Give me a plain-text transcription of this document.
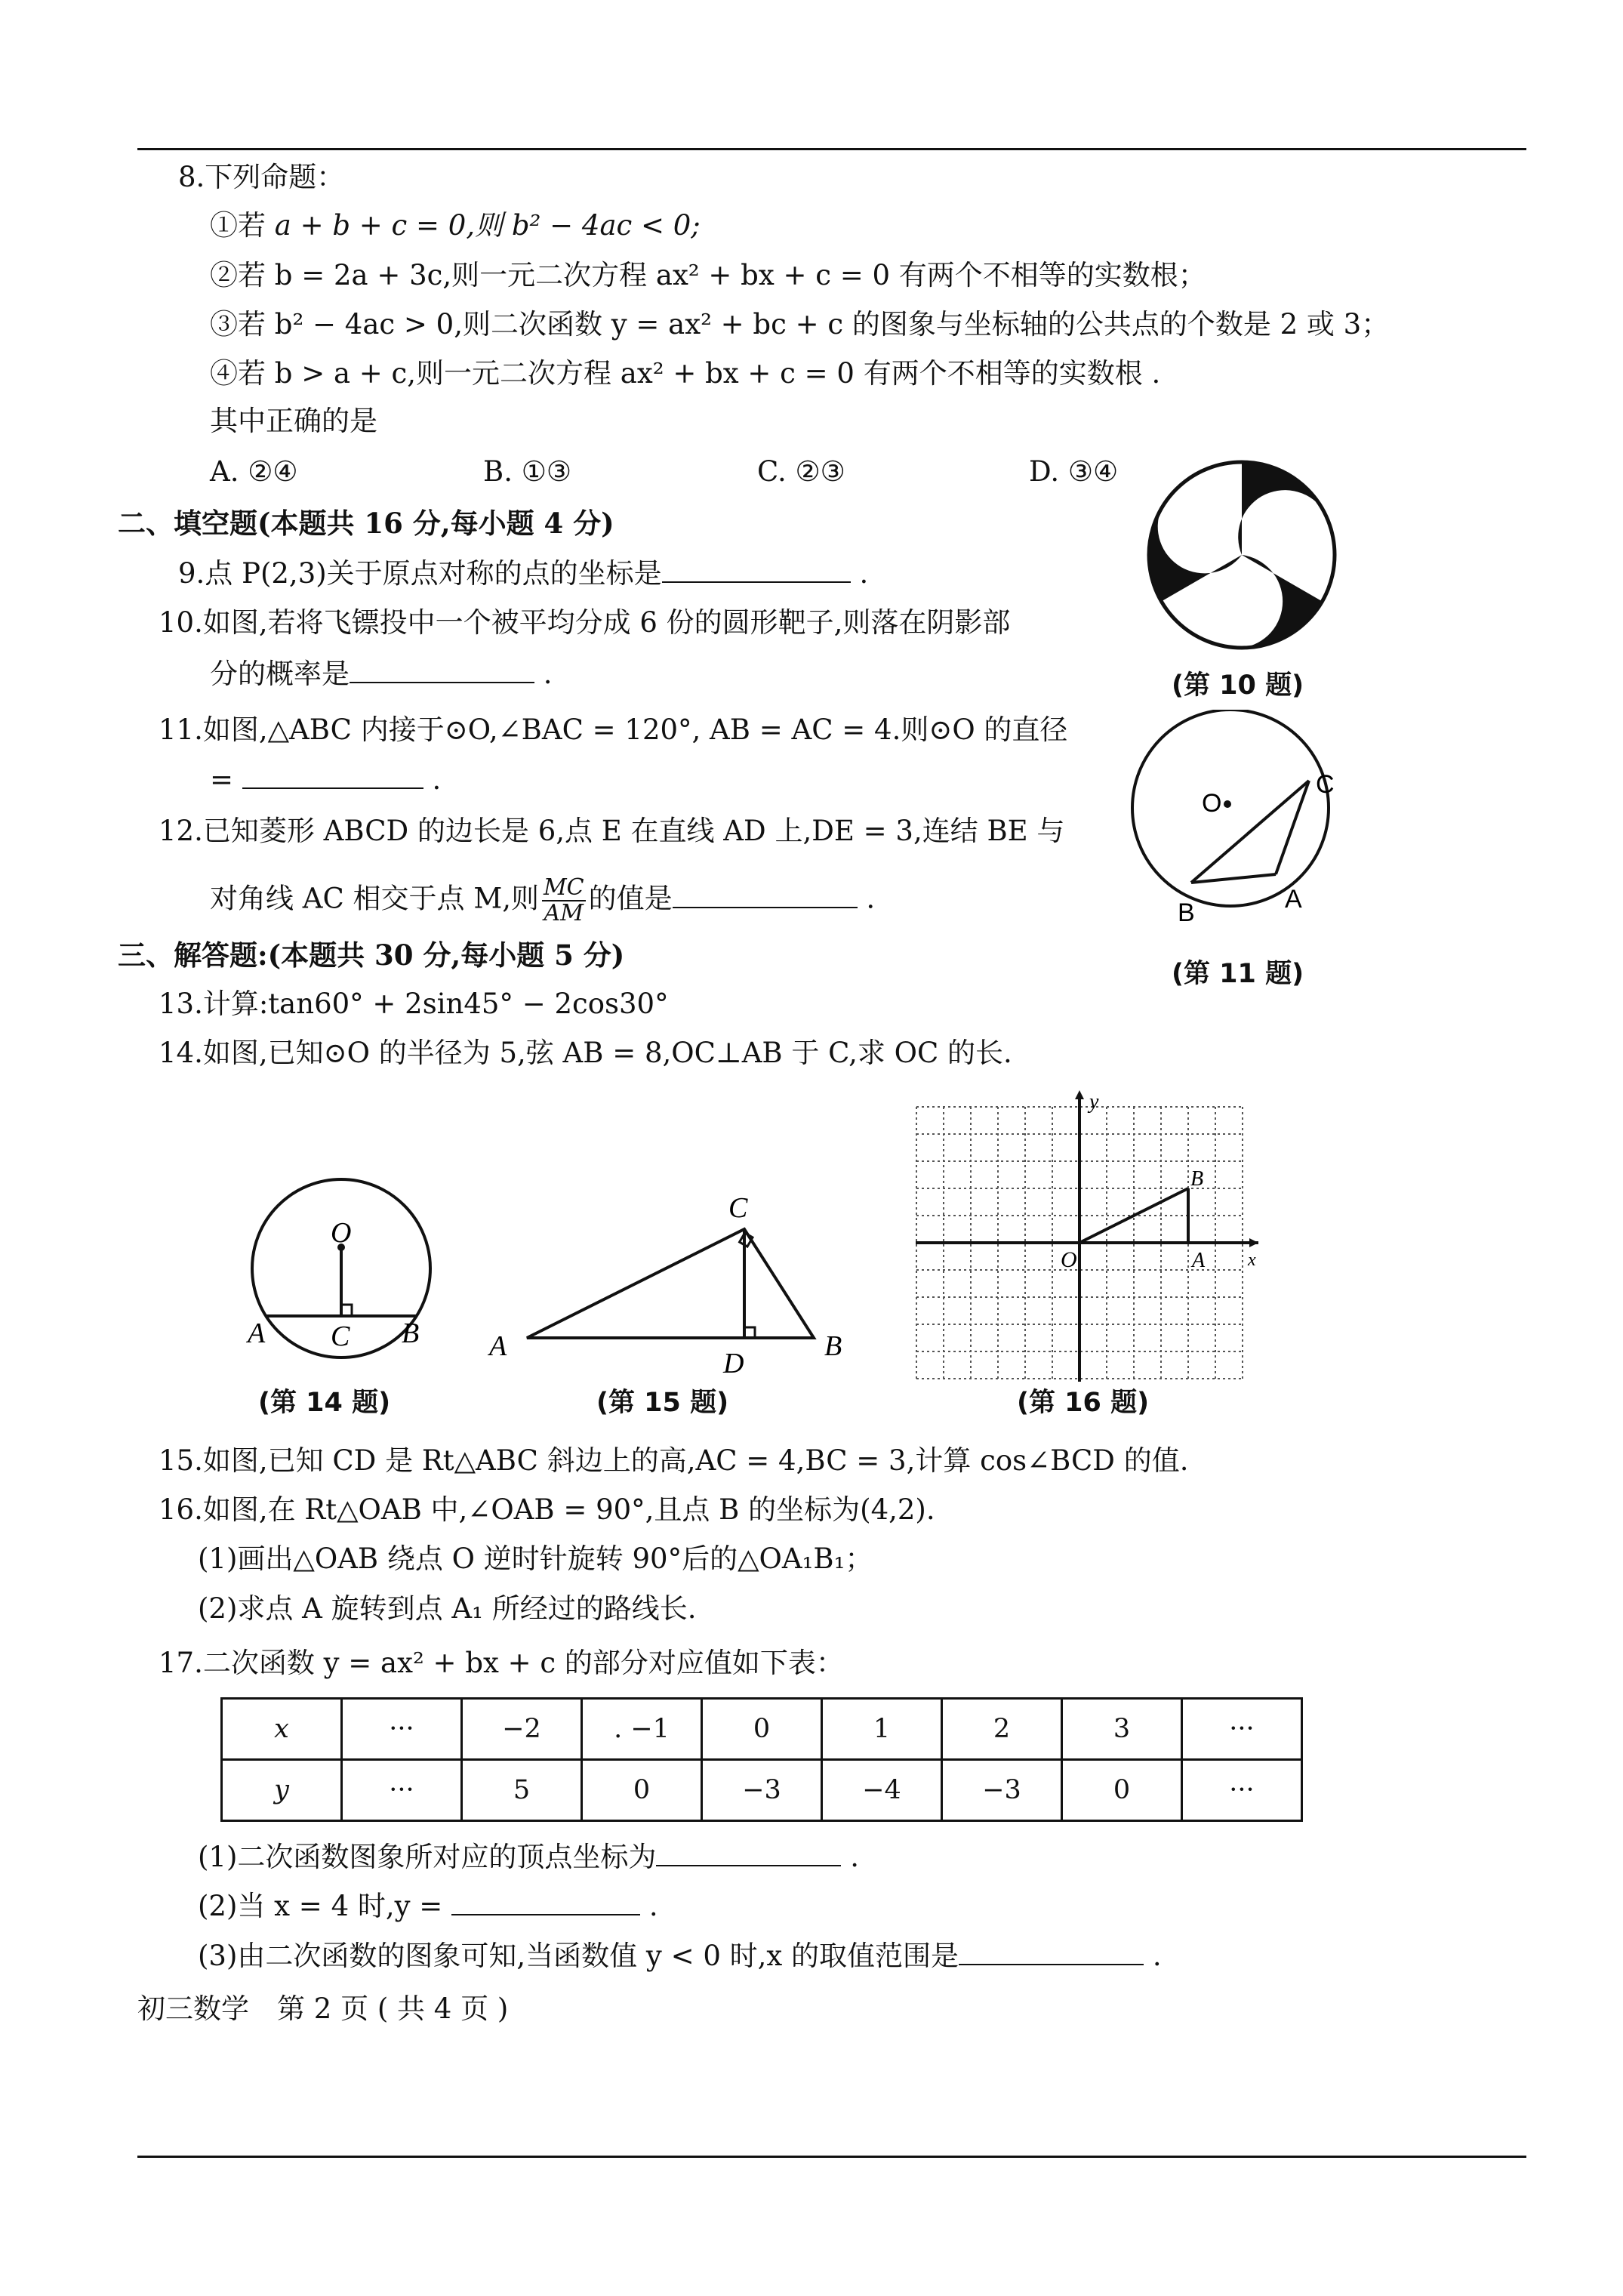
8.下列命题：
①若 a + b + c = 0,则 b² − 4ac < 0;
②若 b = 2a + 3c,则一元二次方程 ax² + bx + c = 0 有两个不相等的实数根；
③若 b² − 4ac > 0,则二次函数 y = ax² + bc + c 的图象与坐标轴的公共点的个数是 2 或 3；
④若 b > a + c,则一元二次方程 ax² + bx + c = 0 有两个不相等的实数根 .
其中正确的是
A. ②④	B. ①③	C. ②③	D. ③④
二、填空题(本题共 16 分,每小题 4 分)
9.点 P(2,3)关于原点对称的点的坐标是	.
10.如图,若将飞镖投中一个被平均分成 6 份的圆形靶子,则落在阴影部
分的概率是	.
11.如图,△ABC 内接于⊙O,∠BAC = 120°, AB = AC = 4.则⊙O 的直径
=	.
12.已知菱形 ABCD 的边长是 6,点 E 在直线 AD 上,DE = 3,连结 BE 与
对角线 AC 相交于点 M,则 $\frac{MC}{AM}$ 的值是	.
三、解答题:(本题共 30 分,每小题 5 分)
13.计算:tan60° + 2sin45° − 2cos30°
14.如图,已知⊙O 的半径为 5,弦 AB = 8,OC⊥AB 于 C,求 OC 的长.
(第 10 题)
O
C
B	A
(第 11 题)
O
A C B
(第 14 题)
C
A
D
B
(第 15 题)
y
B
O	A x
(第 16 题)
15.如图,已知 CD 是 Rt△ABC 斜边上的高,AC = 4,BC = 3,计算 cos∠BCD 的值.
16.如图,在 Rt△OAB 中,∠OAB = 90°,且点 B 的坐标为(4,2).
(1)画出△OAB 绕点 O 逆时针旋转 90°后的△OA₁B₁；
(2)求点 A 旋转到点 A₁ 所经过的路线长.
17.二次函数 y = ax² + bx + c 的部分对应值如下表：
x	···	−2	. −1	0	1	2	3	···
y	···	5	0	−3	−4	−3	0	···
(1)二次函数图象所对应的顶点坐标为	.
(2)当 x = 4 时,y =	.
(3)由二次函数的图象可知,当函数值 y < 0 时,x 的取值范围是	.
初三数学　第 2 页 ( 共 4 页 )
